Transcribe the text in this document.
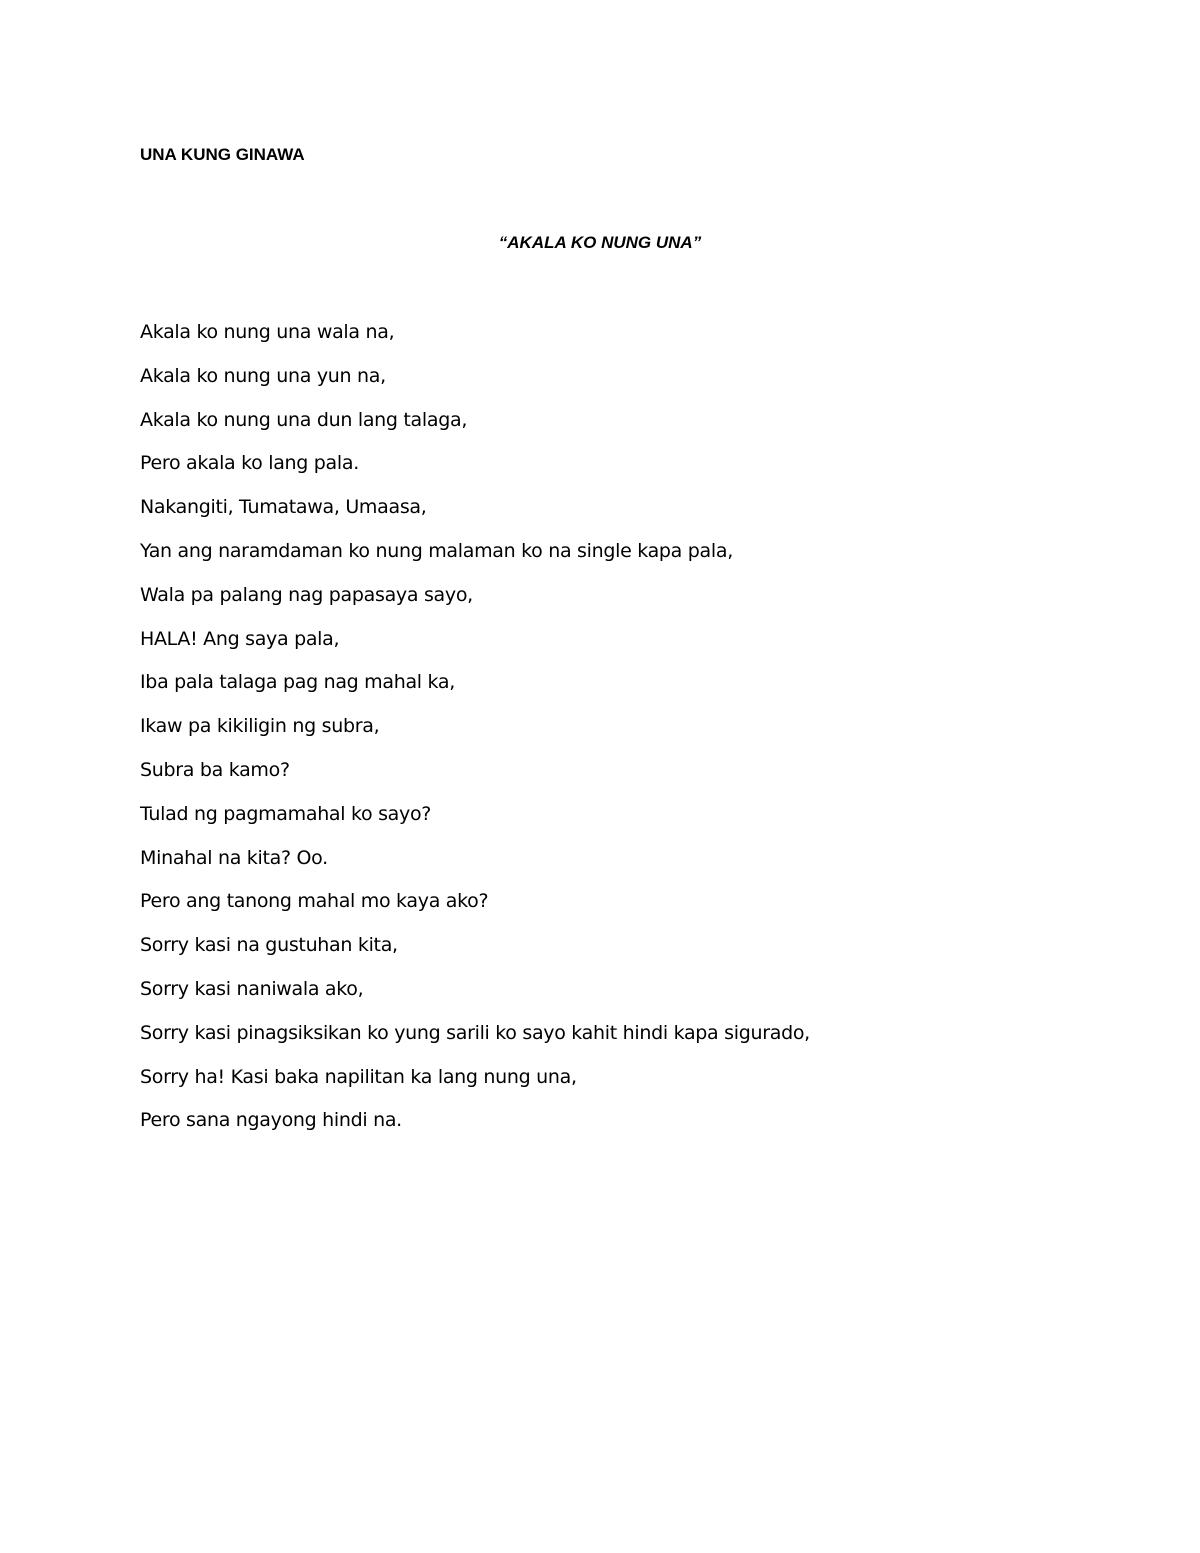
UNA KUNG GINAWA
“AKALA KO NUNG UNA”
Akala ko nung una wala na,
Akala ko nung una yun na,
Akala ko nung una dun lang talaga,
Pero akala ko lang pala.
Nakangiti, Tumatawa, Umaasa,
Yan ang naramdaman ko nung malaman ko na single kapa pala,
Wala pa palang nag papasaya sayo,
HALA! Ang saya pala,
Iba pala talaga pag nag mahal ka,
Ikaw pa kikiligin ng subra,
Subra ba kamo?
Tulad ng pagmamahal ko sayo?
Minahal na kita? Oo.
Pero ang tanong mahal mo kaya ako?
Sorry kasi na gustuhan kita,
Sorry kasi naniwala ako,
Sorry kasi pinagsiksikan ko yung sarili ko sayo kahit hindi kapa sigurado,
Sorry ha! Kasi baka napilitan ka lang nung una,
Pero sana ngayong hindi na.
